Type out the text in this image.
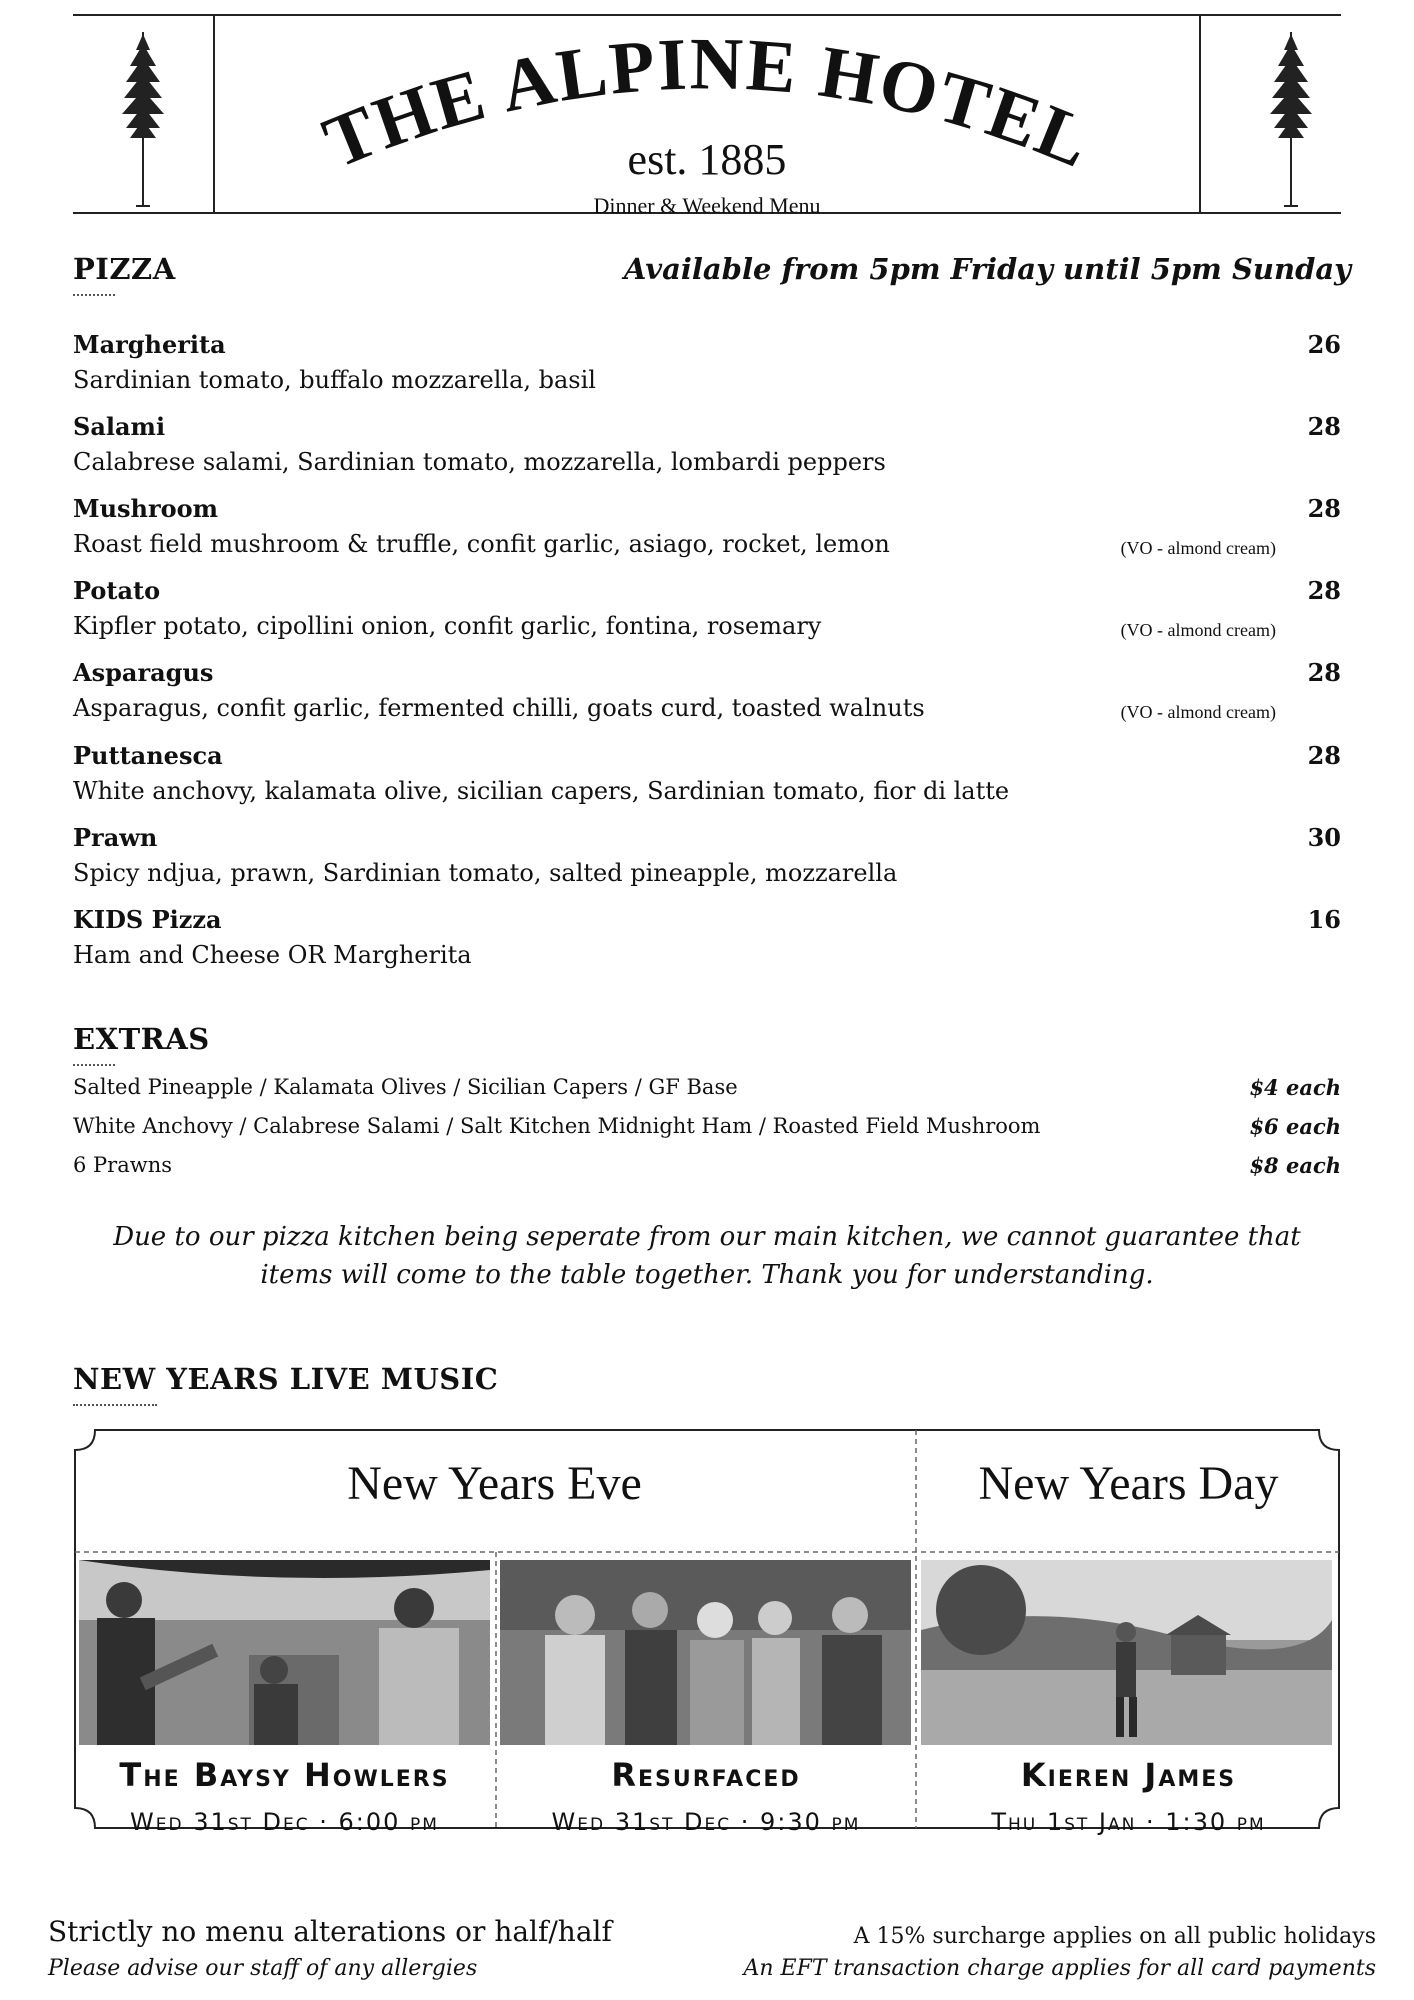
THE ALPINE HOTEL
est. 1885
Dinner & Weekend Menu
PIZZA	Available from 5pm Friday until 5pm Sunday
Margherita	26
Sardinian tomato, buffalo mozzarella, basil
Salami	28
Calabrese salami, Sardinian tomato, mozzarella, lombardi peppers
Mushroom	28
Roast field mushroom & truffle, confit garlic, asiago, rocket, lemon	(VO - almond cream)
Potato	28
Kipfler potato, cipollini onion, confit garlic, fontina, rosemary	(VO - almond cream)
Asparagus	28
Asparagus, confit garlic, fermented chilli, goats curd, toasted walnuts	(VO - almond cream)
Puttanesca	28
White anchovy, kalamata olive, sicilian capers, Sardinian tomato, fior di latte
Prawn	30
Spicy ndjua, prawn, Sardinian tomato, salted pineapple, mozzarella
KIDS Pizza	16
Ham and Cheese OR Margherita
EXTRAS
Salted Pineapple / Kalamata Olives / Sicilian Capers / GF Base	$4 each
White Anchovy / Calabrese Salami / Salt Kitchen Midnight Ham / Roasted Field Mushroom	$6 each
6 Prawns	$8 each
Due to our pizza kitchen being seperate from our main kitchen, we cannot guarantee that
items will come to the table together. Thank you for understanding.
NEW YEARS LIVE MUSIC
New Years Eve	New Years Day
The Baysy Howlers	Resurfaced	Kieren James
Wed 31st Dec · 6:00 pm	Wed 31st Dec · 9:30 pm	Thu 1st Jan · 1:30 pm
Strictly no menu alterations or half/half
Please advise our staff of any allergies
A 15% surcharge applies on all public holidays
An EFT transaction charge applies for all card payments
